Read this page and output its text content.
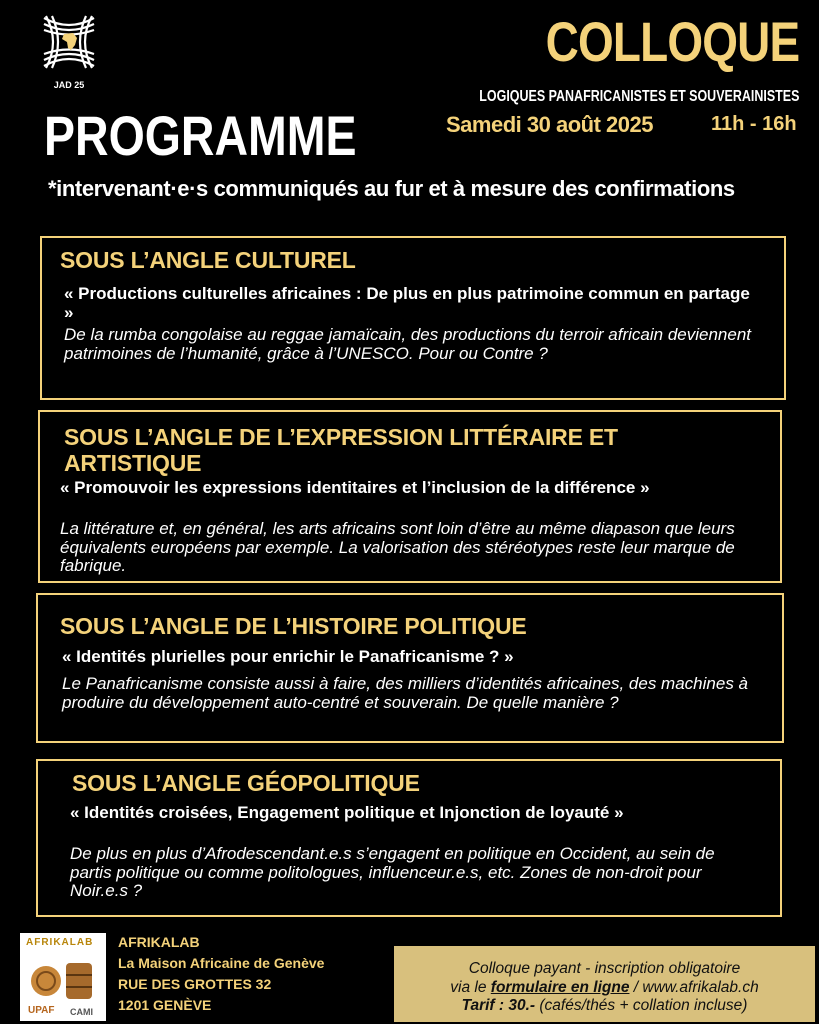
JAD 25
COLLOQUE
LOGIQUES PANAFRICANISTES ET SOUVERAINISTES
Samedi 30 août 2025	11h - 16h
PROGRAMME
*intervenant·e·s communiqués au fur et à mesure des confirmations
SOUS L’ANGLE CULTUREL
« Productions culturelles africaines : De plus en plus patrimoine commun en partage »
De la rumba congolaise au reggae jamaïcain, des productions du terroir africain deviennent patrimoines de l’humanité, grâce à l’UNESCO. Pour ou Contre ?
SOUS L’ANGLE DE L’EXPRESSION LITTÉRAIRE ET ARTISTIQUE
« Promouvoir les expressions identitaires et l’inclusion de la différence »
La littérature et, en général, les arts africains sont loin d’être au même diapason que leurs équivalents européens par exemple. La valorisation des stéréotypes reste leur marque de fabrique.
SOUS L’ANGLE DE L’HISTOIRE POLITIQUE
« Identités plurielles pour enrichir le Panafricanisme ? »
Le Panafricanisme consiste aussi à faire, des milliers d’identités africaines, des machines à produire du développement auto-centré et souverain. De quelle manière ?
SOUS L’ANGLE GÉOPOLITIQUE
« Identités croisées, Engagement politique et Injonction de loyauté »
De plus en plus d’Afrodescendant.e.s s’engagent en politique en Occident, au sein de partis politique ou comme politologues, influenceur.e.s, etc. Zones de non-droit pour Noir.e.s ?
AFRIKALAB
UPAF CAMI
AFRIKALAB
La Maison Africaine de Genève
RUE DES GROTTES 32
1201 GENÈVE
Colloque payant - inscription obligatoire
via le formulaire en ligne / www.afrikalab.ch
Tarif : 30.- (cafés/thés + collation incluse)
